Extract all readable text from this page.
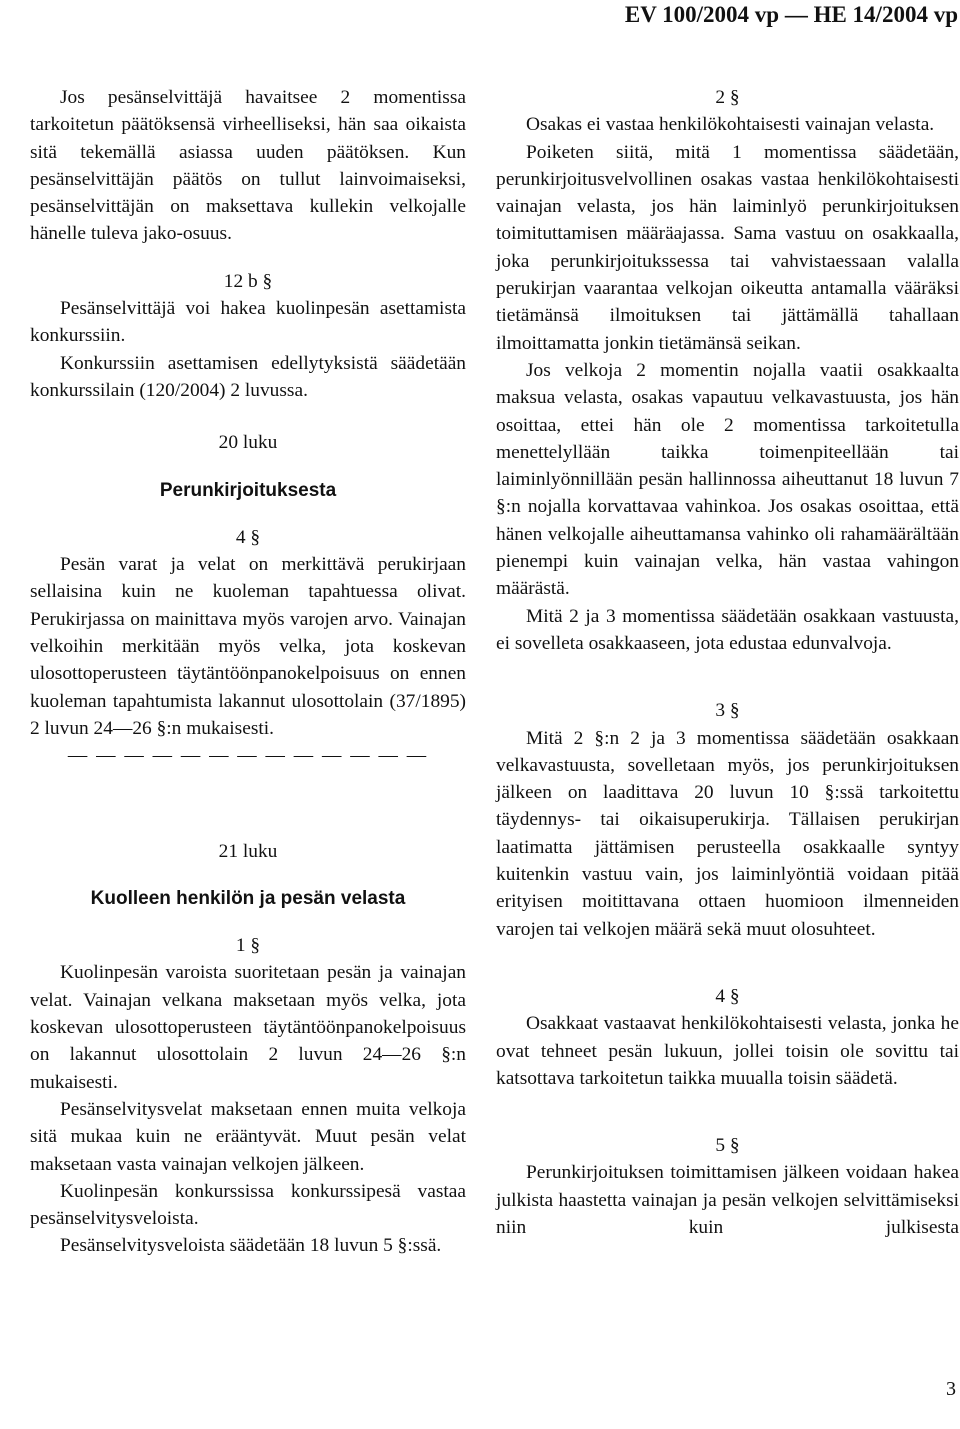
EV 100/2004 vp — HE 14/2004 vp

Jos pesänselvittäjä havaitsee 2 momentissa tarkoitetun päätöksensä virheelliseksi, hän saa oikaista sitä tekemällä asiassa uuden päätöksen. Kun pesänselvittäjän päätös on tullut lainvoimaiseksi, pesänselvittäjän on maksettava kullekin velkojalle hänelle tuleva jako-osuus.

12 b §

Pesänselvittäjä voi hakea kuolinpesän asettamista konkurssiin.

Konkurssiin asettamisen edellytyksistä säädetään konkurssilain (120/2004) 2 luvussa.

20 luku
Perunkirjoituksesta
4 §

Pesän varat ja velat on merkittävä perukirjaan sellaisina kuin ne kuoleman tapahtuessa olivat. Perukirjassa on mainittava myös varojen arvo. Vainajan velkoihin merkitään myös velka, jota koskevan ulosottoperusteen täytäntöönpanokelpoisuus on ennen kuoleman tapahtumista lakannut ulosottolain (37/1895) 2 luvun 24—26 §:n mukaisesti.

— — — — — — — — — — — — —
21 luku
Kuolleen henkilön ja pesän velasta
1 §

Kuolinpesän varoista suoritetaan pesän ja vainajan velat. Vainajan velkana maksetaan myös velka, jota koskevan ulosottoperusteen täytäntöönpanokelpoisuus on lakannut ulosottolain 2 luvun 24—26 §:n mukaisesti.

Pesänselvitysvelat maksetaan ennen muita velkoja sitä mukaa kuin ne erääntyvät. Muut pesän velat maksetaan vasta vainajan velkojen jälkeen.

Kuolinpesän konkurssissa konkurssipesä vastaa pesänselvitysveloista.

Pesänselvitysveloista säädetään 18 luvun 5 §:ssä.

2 §

Osakas ei vastaa henkilökohtaisesti vainajan velasta.

Poiketen siitä, mitä 1 momentissa säädetään, perunkirjoitusvelvollinen osakas vastaa henkilökohtaisesti vainajan velasta, jos hän laiminlyö perunkirjoituksen toimituttamisen määräajassa. Sama vastuu on osakkaalla, joka perunkirjoitukssessa tai vahvistaessaan valalla perukirjan vaarantaa velkojan oikeutta antamalla vääräksi tietämänsä ilmoituksen tai jättämällä tahallaan ilmoittamatta jonkin tietämänsä seikan.

Jos velkoja 2 momentin nojalla vaatii osakkaalta maksua velasta, osakas vapautuu velkavastuusta, jos hän osoittaa, ettei hän ole 2 momentissa tarkoitetulla menettelyllään taikka toimenpiteellään tai laiminlyönnillään pesän hallinnossa aiheuttanut 18 luvun 7 §:n nojalla korvattavaa vahinkoa. Jos osakas osoittaa, että hänen velkojalle aiheuttamansa vahinko oli rahamäärältään pienempi kuin vainajan velka, hän vastaa vahingon määrästä.

Mitä 2 ja 3 momentissa säädetään osakkaan vastuusta, ei sovelleta osakkaaseen, jota edustaa edunvalvoja.

3 §

Mitä 2 §:n 2 ja 3 momentissa säädetään osakkaan velkavastuusta, sovelletaan myös, jos perunkirjoituksen jälkeen on laadittava 20 luvun 10 §:ssä tarkoitettu täydennys- tai oikaisuperukirja. Tällaisen perukirjan laatimatta jättämisen perusteella osakkaalle syntyy kuitenkin vastuu vain, jos laiminlyöntiä voidaan pitää erityisen moitittavana ottaen huomioon ilmenneiden varojen tai velkojen määrä sekä muut olosuhteet.

4 §

Osakkaat vastaavat henkilökohtaisesti velasta, jonka he ovat tehneet pesän lukuun, jollei toisin ole sovittu tai katsottava tarkoitetun taikka muualla toisin säädetä.

5 §

Perunkirjoituksen toimittamisen jälkeen voidaan hakea julkista haastetta vainajan ja pesän velkojen selvittämiseksi niin kuin julkisesta

3
